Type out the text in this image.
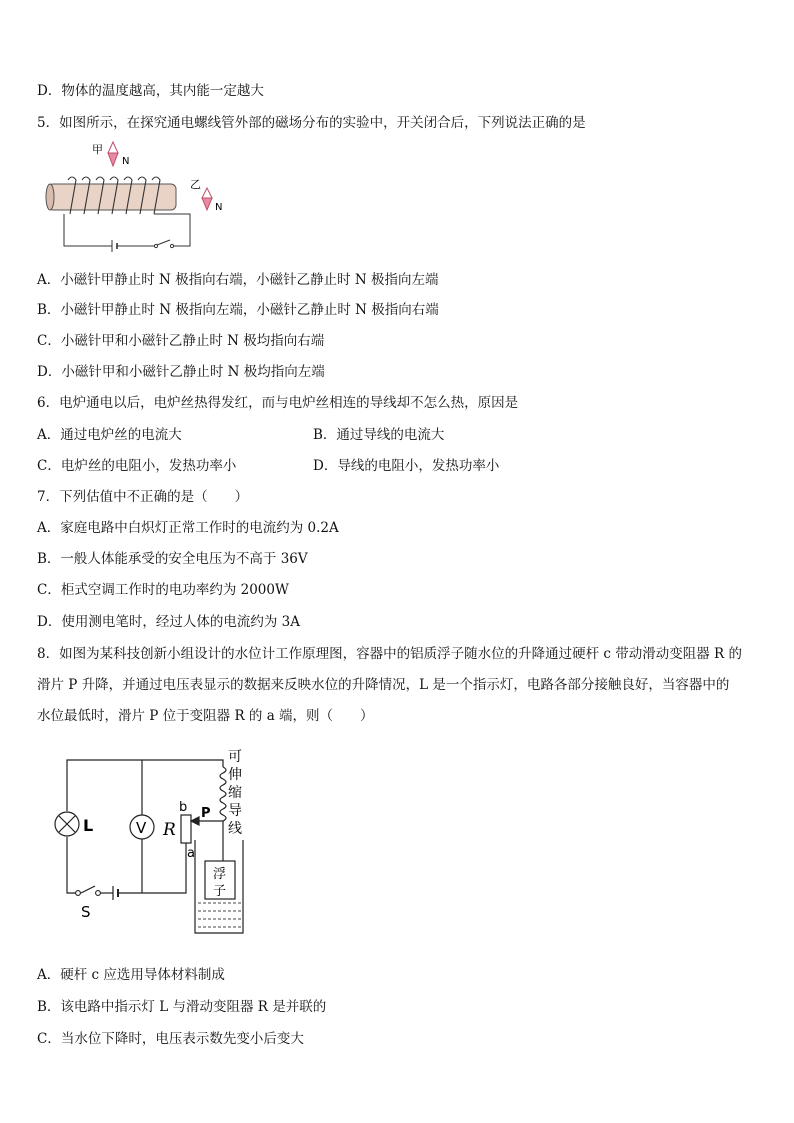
D．物体的温度越高，其内能一定越大
5．如图所示，在探究通电螺线管外部的磁场分布的实验中，开关闭合后，下列说法正确的是
甲
N
乙
N
A．小磁针甲静止时 N 极指向右端，小磁针乙静止时 N 极指向左端
B．小磁针甲静止时 N 极指向左端，小磁针乙静止时 N 极指向右端
C．小磁针甲和小磁针乙静止时 N 极均指向右端
D．小磁针甲和小磁针乙静止时 N 极均指向左端
6．电炉通电以后，电炉丝热得发红，而与电炉丝相连的导线却不怎么热，原因是
A．通过电炉丝的电流大	B．通过导线的电流大
C．电炉丝的电阻小，发热功率小	D．导线的电阻小，发热功率小
7．下列估值中不正确的是（　　）
A．家庭电路中白炽灯正常工作时的电流约为 0.2A
B．一般人体能承受的安全电压为不高于 36V
C．柜式空调工作时的电功率约为 2000W
D．使用测电笔时，经过人体的电流约为 3A
8．如图为某科技创新小组设计的水位计工作原理图，容器中的铝质浮子随水位的升降通过硬杆 c 带动滑动变阻器 R 的
滑片 P 升降，并通过电压表显示的数据来反映水位的升降情况，L 是一个指示灯，电路各部分接触良好，当容器中的
水位最低时，滑片 P 位于变阻器 R 的 a 端，则（　　）
L	V
S
R
b
a
P
可
伸
缩
导
线
浮
子
A．硬杆 c 应选用导体材料制成
B．该电路中指示灯 L 与滑动变阻器 R 是并联的
C．当水位下降时，电压表示数先变小后变大
